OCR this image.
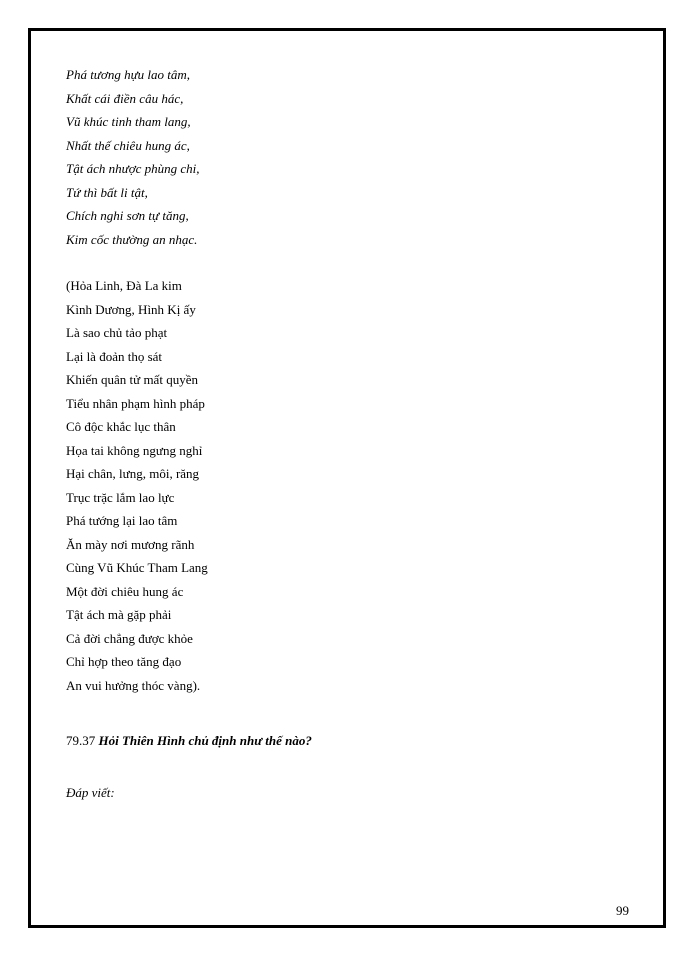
Phá tương hựu lao tâm,
Khất cái điền câu hác,
Vũ khúc tinh tham lang,
Nhất thế chiêu hung ác,
Tật ách nhược phùng chi,
Tứ thì bất li tật,
Chích nghi sơn tự tăng,
Kim cốc thường an nhạc.
(Hỏa Linh, Đà La kim
Kình Dương, Hình Kị ấy
Là sao chủ tảo phạt
Lại là đoản thọ sát
Khiến quân tử mất quyền
Tiểu nhân phạm hình pháp
Cô độc khắc lục thân
Họa tai không ngưng nghỉ
Hại chân, lưng, môi, răng
Trục trặc lắm lao lực
Phá tướng lại lao tâm
Ăn mày nơi mương rãnh
Cùng Vũ Khúc Tham Lang
Một đời chiêu hung ác
Tật ách mà gặp phải
Cả đời chẳng được khỏe
Chỉ hợp theo tăng đạo
An vui hưởng thóc vàng).
79.37 Hỏi Thiên Hình chủ định như thế nào?
Đáp viết:
99
